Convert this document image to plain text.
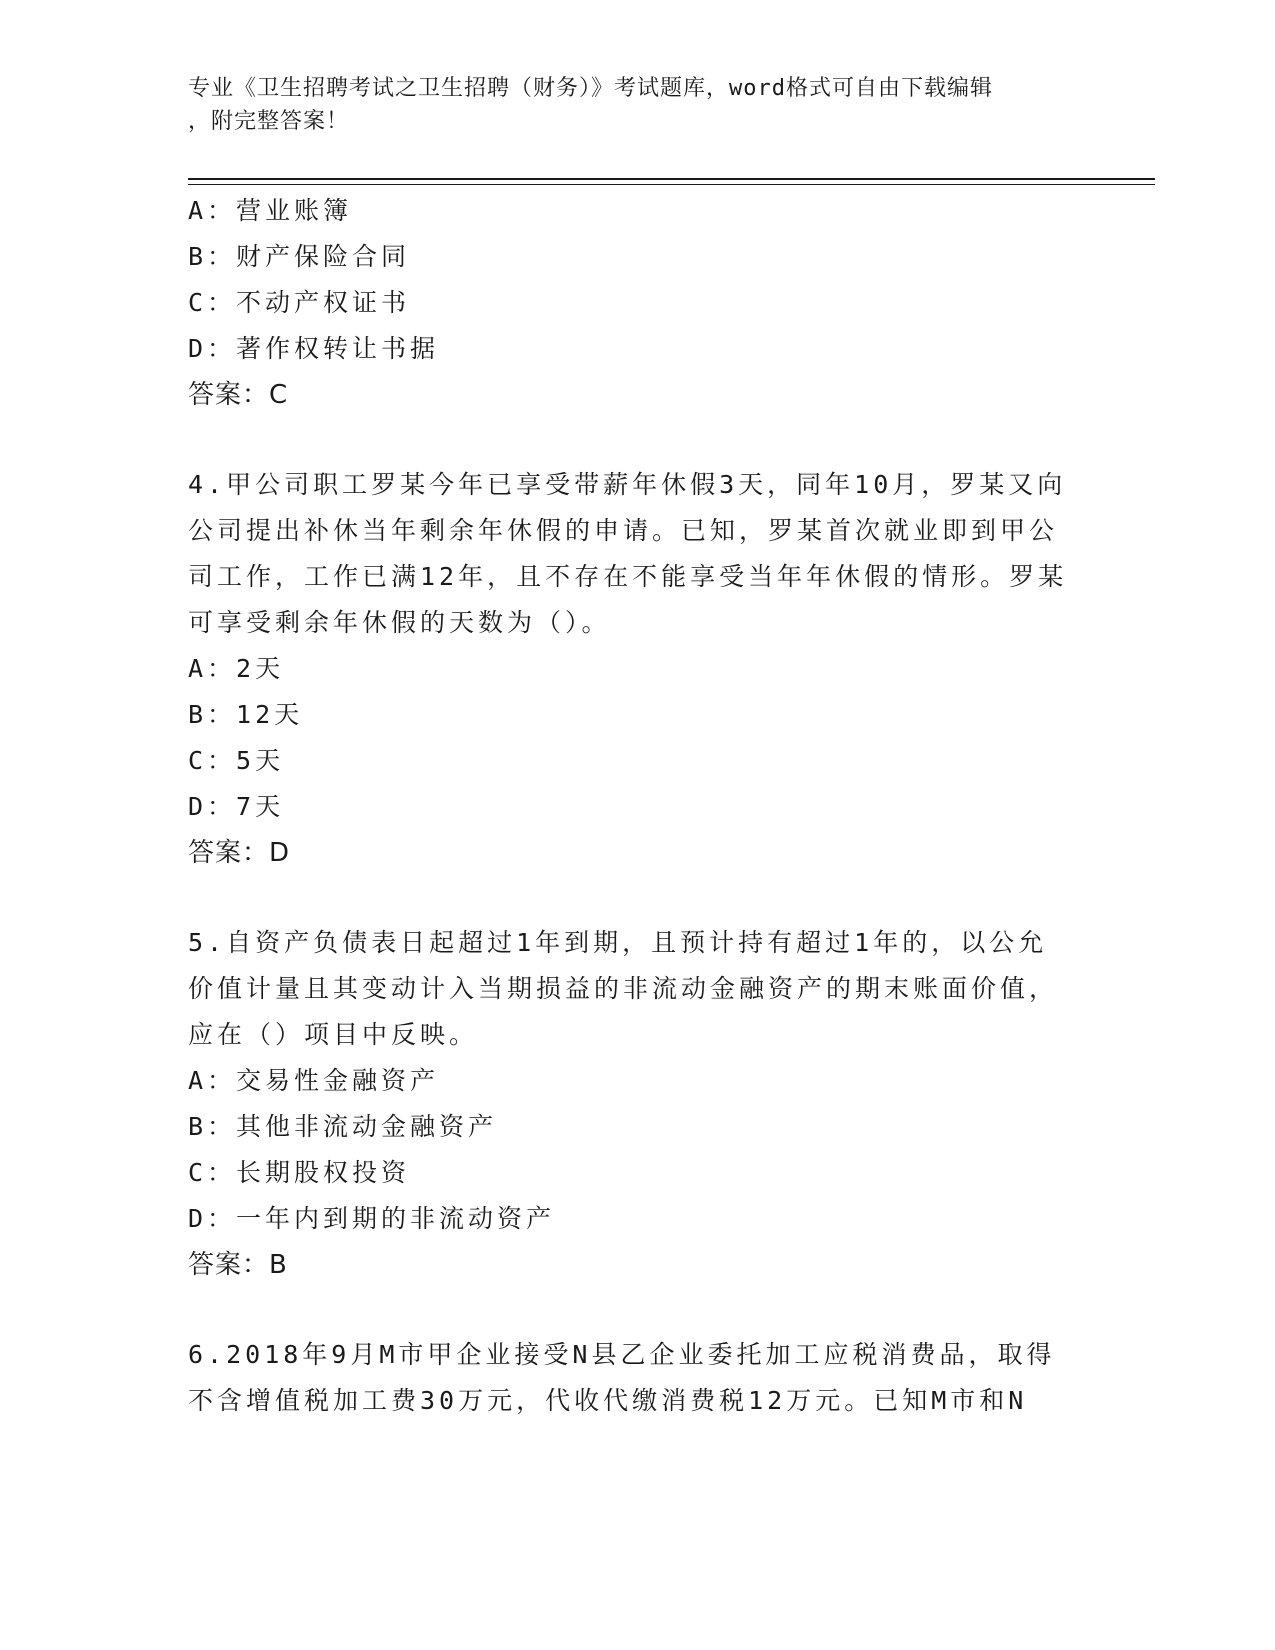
专业《卫生招聘考试之卫生招聘（财务）》考试题库，word格式可自由下载编辑
，附完整答案！
A：营业账簿
B：财产保险合同
C：不动产权证书
D：著作权转让书据
答案：C
4.甲公司职工罗某今年已享受带薪年休假3天，同年10月，罗某又向
公司提出补休当年剩余年休假的申请。已知，罗某首次就业即到甲公
司工作，工作已满12年，且不存在不能享受当年年休假的情形。罗某
可享受剩余年休假的天数为（）。
A：2天
B：12天
C：5天
D：7天
答案：D
5.自资产负债表日起超过1年到期，且预计持有超过1年的，以公允
价值计量且其变动计入当期损益的非流动金融资产的期末账面价值，
应在（）项目中反映。
A：交易性金融资产
B：其他非流动金融资产
C：长期股权投资
D：一年内到期的非流动资产
答案：B
6.2018年9月M市甲企业接受N县乙企业委托加工应税消费品，取得
不含增值税加工费30万元，代收代缴消费税12万元。已知M市和N
